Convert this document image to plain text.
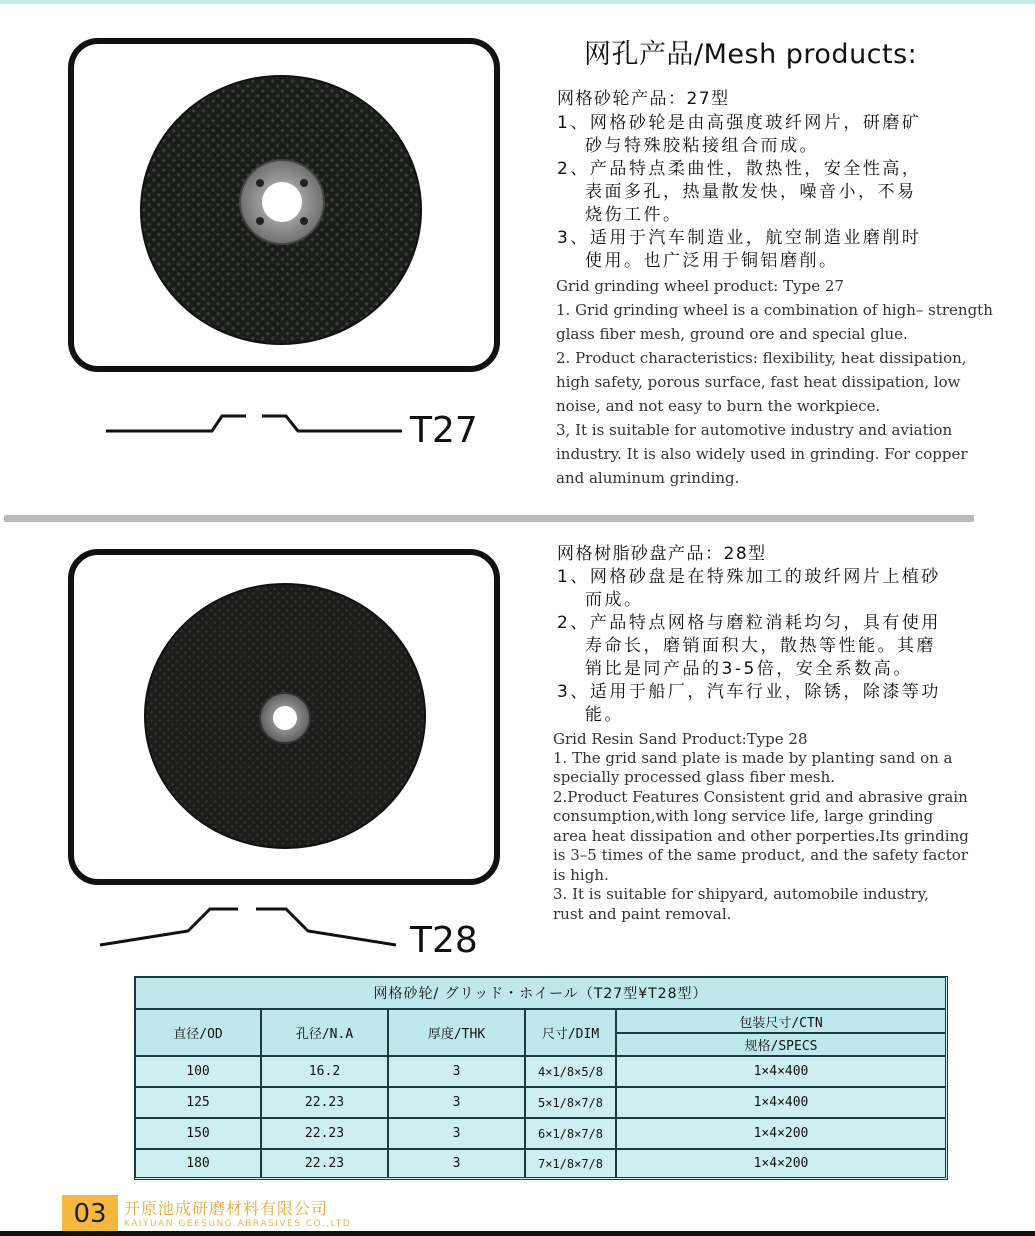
T27
网孔产品/Mesh products:
网格砂轮产品：27型
1、网格砂轮是由高强度玻纤网片，研磨矿
砂与特殊胶粘接组合而成。
2、产品特点柔曲性，散热性，安全性高，
表面多孔，热量散发快，噪音小，不易
烧伤工件。
3、适用于汽车制造业，航空制造业磨削时
使用。也广泛用于铜铝磨削。
Grid grinding wheel product: Type 27
1. Grid grinding wheel is a combination of high– strength
glass fiber mesh, ground ore and special glue.
2. Product characteristics: flexibility, heat dissipation,
high safety, porous surface, fast heat dissipation, low
noise, and not easy to burn the workpiece.
3, It is suitable for automotive industry and aviation
industry. It is also widely used in grinding. For copper
and aluminum grinding.
T28
网格树脂砂盘产品：28型
1、网格砂盘是在特殊加工的玻纤网片上植砂
而成。
2、产品特点网格与磨粒消耗均匀，具有使用
寿命长，磨销面积大，散热等性能。其磨
销比是同产品的3-5倍，安全系数高。
3、适用于船厂，汽车行业，除锈，除漆等功
能。
Grid Resin Sand Product:Type 28
1. The grid sand plate is made by planting sand on a
specially processed glass fiber mesh.
2.Product Features Consistent grid and abrasive grain
consumption,with long service life, large grinding
area heat dissipation and other porperties.Its grinding
is 3–5 times of the same product, and the safety factor
is high.
3. It is suitable for shipyard, automobile industry,
rust and paint removal.
网格砂轮/ グリッド・ホイール（T27型¥T28型）
直径/OD	孔径/N.A	厚度/THK	尺寸/DIM
包装尺寸/CTN
规格/SPECS
100	16.2	3	4×1/8×5/8	1×4×400
125	22.23	3	5×1/8×7/8	1×4×400
150	22.23	3	6×1/8×7/8	1×4×200
180	22.23	3	7×1/8×7/8	1×4×200
03	开原池成研磨材料有限公司
KAIYUAN GEESUNG ABRASIVES CO.,LTD
